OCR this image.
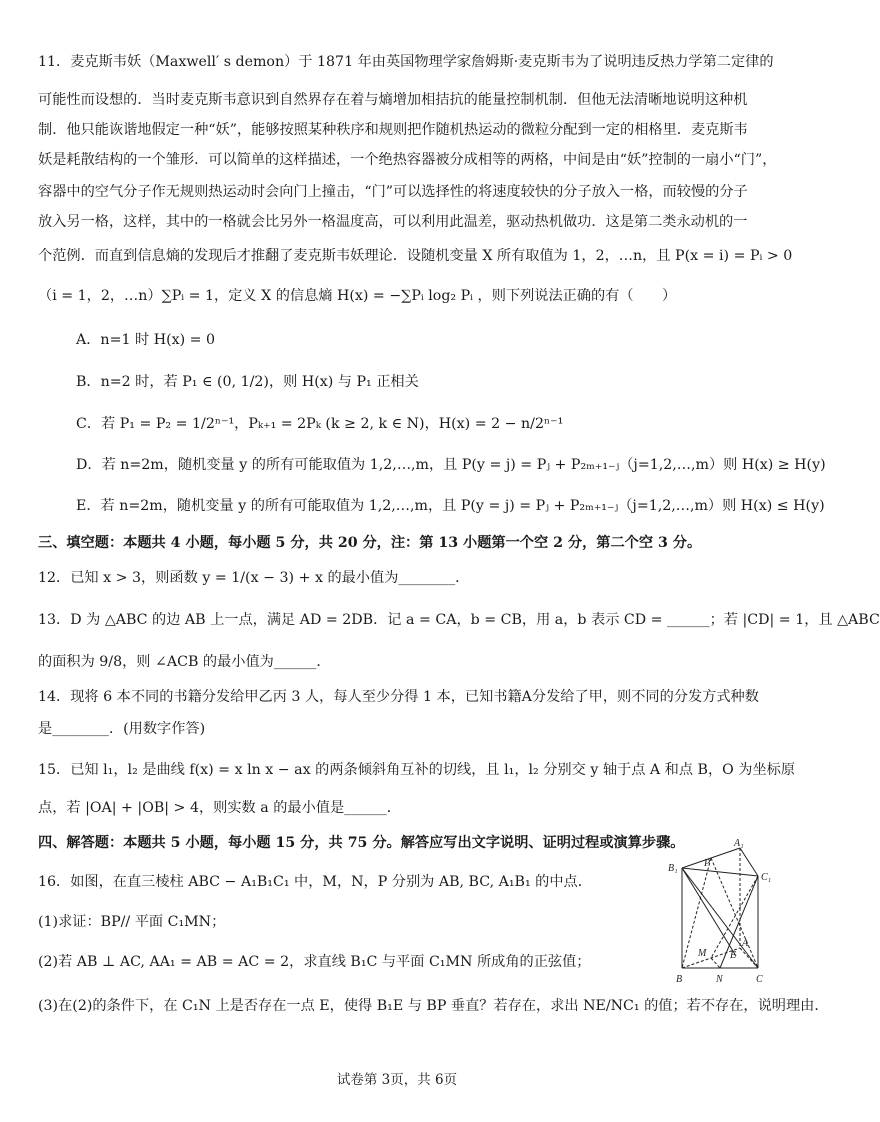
11．麦克斯韦妖（Maxwell′ s demon）于 1871 年由英国物理学家詹姆斯·麦克斯韦为了说明违反热力学第二定律的
可能性而设想的．当时麦克斯韦意识到自然界存在着与熵增加相拮抗的能量控制机制．但他无法清晰地说明这种机
制．他只能诙谐地假定一种“妖”，能够按照某种秩序和规则把作随机热运动的微粒分配到一定的相格里．麦克斯韦
妖是耗散结构的一个雏形．可以简单的这样描述，一个绝热容器被分成相等的两格，中间是由“妖”控制的一扇小“门”，
容器中的空气分子作无规则热运动时会向门上撞击，“门”可以选择性的将速度较快的分子放入一格，而较慢的分子
放入另一格，这样，其中的一格就会比另外一格温度高，可以利用此温差，驱动热机做功．这是第二类永动机的一
个范例．而直到信息熵的发现后才推翻了麦克斯韦妖理论．设随机变量 X 所有取值为 1，2，…n，且 P(x = i) = Pᵢ > 0
（i = 1，2，…n）∑Pᵢ = 1，定义 X 的信息熵 H(x) = −∑Pᵢ log₂ Pᵢ ，则下列说法正确的有（　　）
A．n=1 时 H(x) = 0
B．n=2 时，若 P₁ ∈ (0, 1/2)，则 H(x) 与 P₁ 正相关
C．若 P₁ = P₂ = 1/2ⁿ⁻¹，Pₖ₊₁ = 2Pₖ (k ≥ 2, k ∈ N)，H(x) = 2 − n/2ⁿ⁻¹
D．若 n=2m，随机变量 y 的所有可能取值为 1,2,…,m，且 P(y = j) = Pⱼ + P₂ₘ₊₁₋ⱼ（j=1,2,…,m）则 H(x) ≥ H(y)
E．若 n=2m，随机变量 y 的所有可能取值为 1,2,…,m，且 P(y = j) = Pⱼ + P₂ₘ₊₁₋ⱼ（j=1,2,…,m）则 H(x) ≤ H(y)
三、填空题：本题共 4 小题，每小题 5 分，共 20 分，注：第 13 小题第一个空 2 分，第二个空 3 分。
12．已知 x > 3，则函数 y = 1/(x − 3) + x 的最小值为________．
13．D 为 △ABC 的边 AB 上一点，满足 AD = 2DB．记 a = CA，b = CB，用 a，b 表示 CD = ______；若 |CD| = 1，且 △ABC
的面积为 9/8，则 ∠ACB 的最小值为______．
14．现将 6 本不同的书籍分发给甲乙丙 3 人，每人至少分得 1 本，已知书籍A分发给了甲，则不同的分发方式种数
是________．(用数字作答)
15．已知 l₁，l₂ 是曲线 f(x) = x ln x − ax 的两条倾斜角互补的切线，且 l₁，l₂ 分别交 y 轴于点 A 和点 B，O 为坐标原
点，若 |OA| + |OB| > 4，则实数 a 的最小值是______．
四、解答题：本题共 5 小题，每小题 15 分，共 75 分。解答应写出文字说明、证明过程或演算步骤。
16．如图，在直三棱柱 ABC − A₁B₁C₁ 中，M，N，P 分别为 AB, BC, A₁B₁ 的中点．
(1)求证：BP// 平面 C₁MN；
(2)若 AB ⊥ AC, AA₁ = AB = AC = 2，求直线 B₁C 与平面 C₁MN 所成角的正弦值；
(3)在(2)的条件下，在 C₁N 上是否存在一点 E，使得 B₁E 与 BP 垂直？若存在，求出 NE/NC₁ 的值；若不存在，说明理由．
A₁
B₁
C₁
P
A
B	C
M
N
E
试卷第 3页，共 6页
